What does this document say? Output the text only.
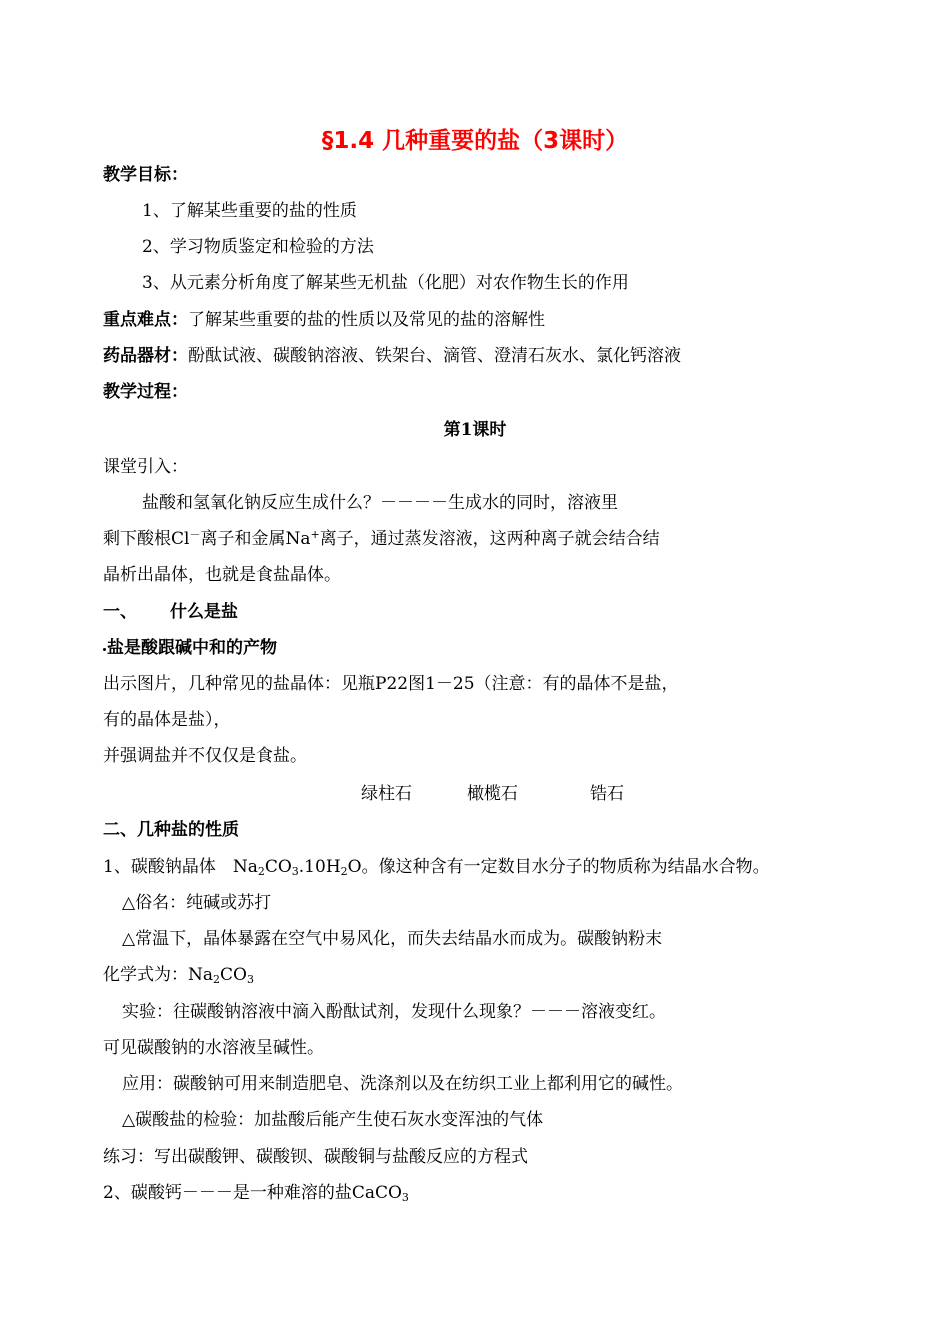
§1.4 几种重要的盐（3课时）
教学目标：
1、了解某些重要的盐的性质
2、学习物质鉴定和检验的方法
3、从元素分析角度了解某些无机盐（化肥）对农作物生长的作用
重点难点：了解某些重要的盐的性质以及常见的盐的溶解性
药品器材：酚酞试液、碳酸钠溶液、铁架台、滴管、澄清石灰水、氯化钙溶液
教学过程：
第1课时
课堂引入：
盐酸和氢氧化钠反应生成什么？－－－－生成水的同时，溶液里
剩下酸根Cl－离子和金属Na+离子，通过蒸发溶液，这两种离子就会结合结
晶析出晶体，也就是食盐晶体。
一、 什么是盐
盐是酸跟碱中和的产物
出示图片，几种常见的盐晶体：见瓶P22图1－25（注意：有的晶体不是盐，
有的晶体是盐），
并强调盐并不仅仅是食盐。
绿柱石	橄榄石	锆石
二、几种盐的性质
1、碳酸钠晶体　$Na_2CO_3.10H_2O$。像这种含有一定数目水分子的物质称为结晶水合物。
△俗名：纯碱或苏打
△常温下，晶体暴露在空气中易风化，而失去结晶水而成为。碳酸钠粉末
化学式为：$Na_2CO_3$
实验：往碳酸钠溶液中滴入酚酞试剂，发现什么现象？－－－溶液变红。
可见碳酸钠的水溶液呈碱性。
应用：碳酸钠可用来制造肥皂、洗涤剂以及在纺织工业上都利用它的碱性。
△碳酸盐的检验：加盐酸后能产生使石灰水变浑浊的气体
练习：写出碳酸钾、碳酸钡、碳酸铜与盐酸反应的方程式
2、碳酸钙－－－是一种难溶的盐CaCO$_3$
